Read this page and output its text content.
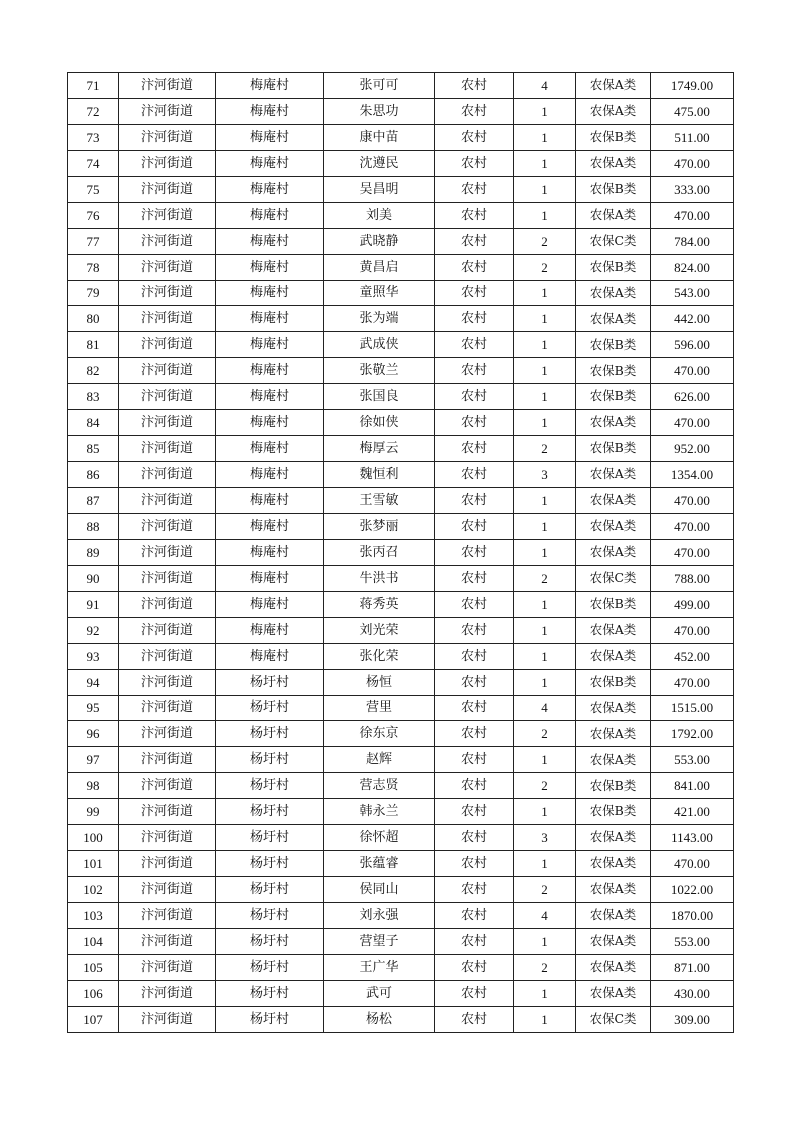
71	汴河街道	梅庵村	张可可	农村	4	农保A类	1749.00
72	汴河街道	梅庵村	朱思功	农村	1	农保A类	475.00
73	汴河街道	梅庵村	康中苗	农村	1	农保B类	511.00
74	汴河街道	梅庵村	沈遵民	农村	1	农保A类	470.00
75	汴河街道	梅庵村	吴昌明	农村	1	农保B类	333.00
76	汴河街道	梅庵村	刘美	农村	1	农保A类	470.00
77	汴河街道	梅庵村	武晓静	农村	2	农保C类	784.00
78	汴河街道	梅庵村	黄昌启	农村	2	农保B类	824.00
79	汴河街道	梅庵村	童照华	农村	1	农保A类	543.00
80	汴河街道	梅庵村	张为端	农村	1	农保A类	442.00
81	汴河街道	梅庵村	武成侠	农村	1	农保B类	596.00
82	汴河街道	梅庵村	张敬兰	农村	1	农保B类	470.00
83	汴河街道	梅庵村	张国良	农村	1	农保B类	626.00
84	汴河街道	梅庵村	徐如侠	农村	1	农保A类	470.00
85	汴河街道	梅庵村	梅厚云	农村	2	农保B类	952.00
86	汴河街道	梅庵村	魏恒利	农村	3	农保A类	1354.00
87	汴河街道	梅庵村	王雪敏	农村	1	农保A类	470.00
88	汴河街道	梅庵村	张梦丽	农村	1	农保A类	470.00
89	汴河街道	梅庵村	张丙召	农村	1	农保A类	470.00
90	汴河街道	梅庵村	牛洪书	农村	2	农保C类	788.00
91	汴河街道	梅庵村	蒋秀英	农村	1	农保B类	499.00
92	汴河街道	梅庵村	刘光荣	农村	1	农保A类	470.00
93	汴河街道	梅庵村	张化荣	农村	1	农保A类	452.00
94	汴河街道	杨圩村	杨恒	农村	1	农保B类	470.00
95	汴河街道	杨圩村	营里	农村	4	农保A类	1515.00
96	汴河街道	杨圩村	徐东京	农村	2	农保A类	1792.00
97	汴河街道	杨圩村	赵辉	农村	1	农保A类	553.00
98	汴河街道	杨圩村	营志贤	农村	2	农保B类	841.00
99	汴河街道	杨圩村	韩永兰	农村	1	农保B类	421.00
100	汴河街道	杨圩村	徐怀超	农村	3	农保A类	1143.00
101	汴河街道	杨圩村	张蕴睿	农村	1	农保A类	470.00
102	汴河街道	杨圩村	侯同山	农村	2	农保A类	1022.00
103	汴河街道	杨圩村	刘永强	农村	4	农保A类	1870.00
104	汴河街道	杨圩村	营望子	农村	1	农保A类	553.00
105	汴河街道	杨圩村	王广华	农村	2	农保A类	871.00
106	汴河街道	杨圩村	武可	农村	1	农保A类	430.00
107	汴河街道	杨圩村	杨松	农村	1	农保C类	309.00
